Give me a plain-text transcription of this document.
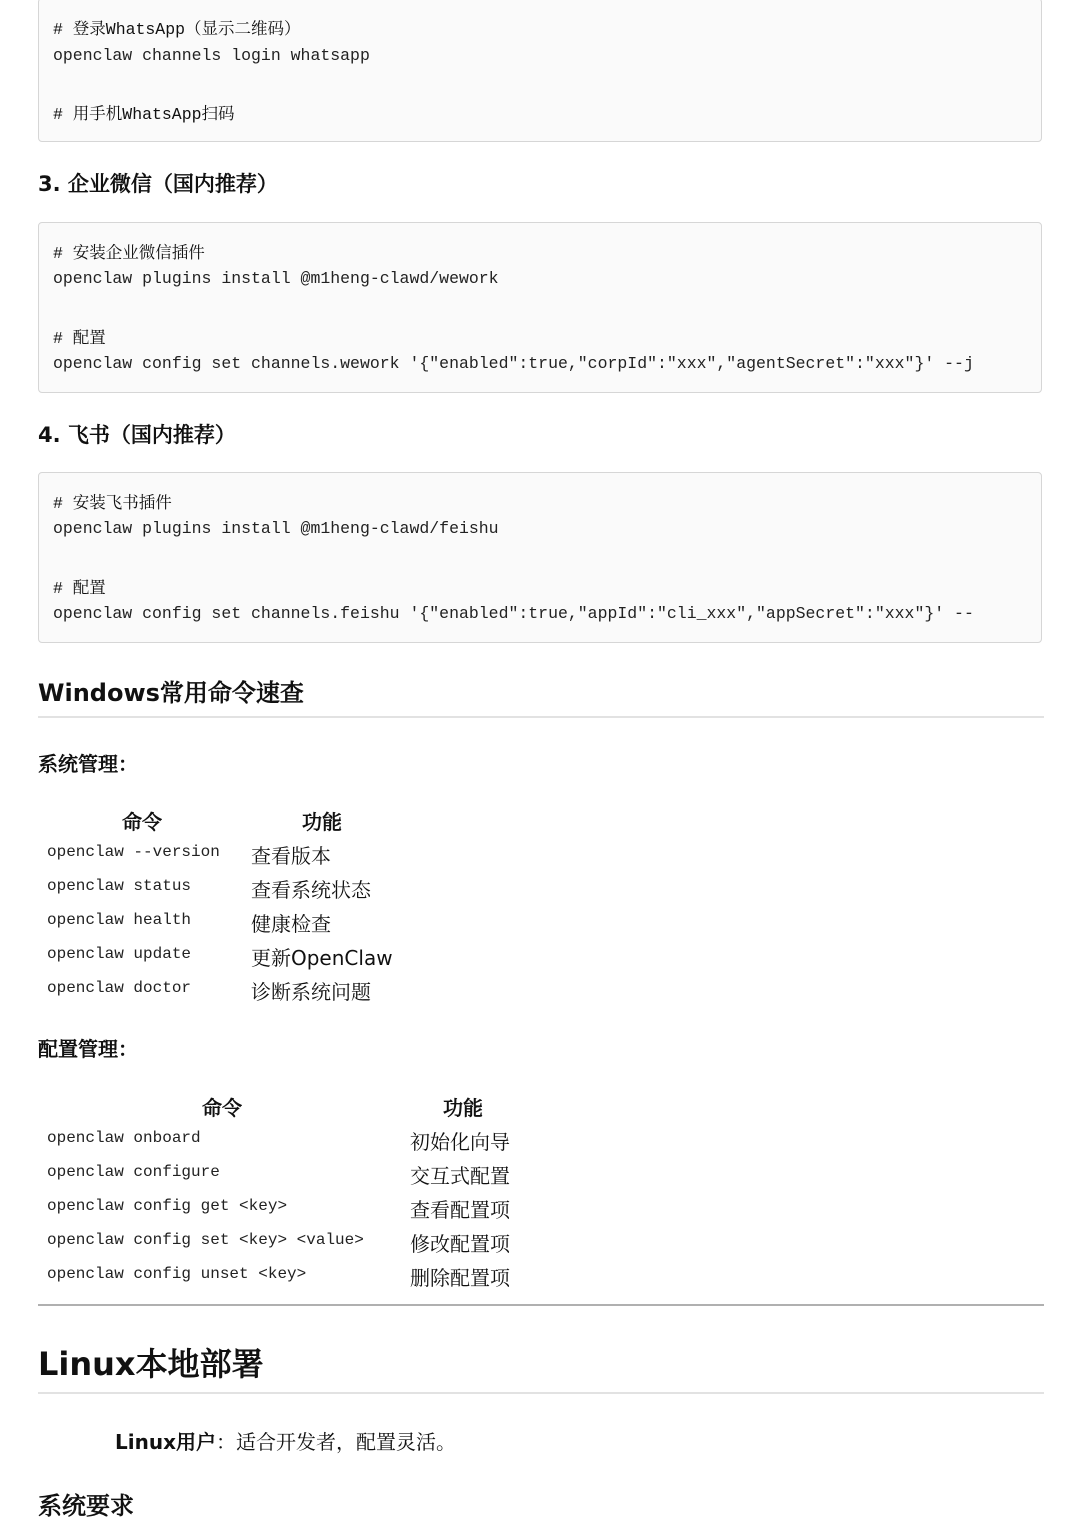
# 登录WhatsApp（显示二维码）
openclaw channels login whatsapp
# 用手机WhatsApp扫码
3. 企业微信（国内推荐）
# 安装企业微信插件
openclaw plugins install @m1heng-clawd/wework
# 配置
openclaw config set channels.wework '{"enabled":true,"corpId":"xxx","agentSecret":"xxx"}' --j
4. 飞书（国内推荐）
# 安装飞书插件
openclaw plugins install @m1heng-clawd/feishu
# 配置
openclaw config set channels.feishu '{"enabled":true,"appId":"cli_xxx","appSecret":"xxx"}' --
Windows常用命令速查
系统管理：
命令	功能
openclaw --version 查看版本
openclaw status	查看系统状态
openclaw health	健康检查
openclaw update	更新OpenClaw
openclaw doctor	诊断系统问题
配置管理：
命令	功能
openclaw onboard	初始化向导
openclaw configure	交互式配置
openclaw config get <key>	查看配置项
openclaw config set <key> <value> 修改配置项
openclaw config unset <key>	删除配置项
Linux本地部署
Linux用户：适合开发者，配置灵活。
系统要求
